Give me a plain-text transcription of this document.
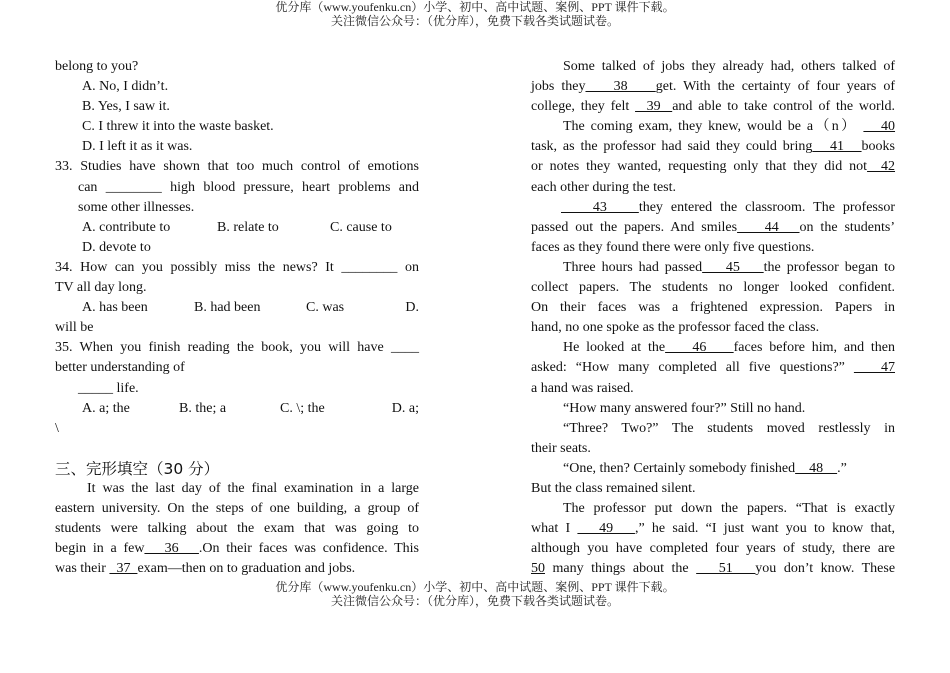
优分库（www.youfenku.cn）小学、初中、高中试题、案例、PPT 课件下载。
关注微信公众号：（优分库），免费下载各类试题试卷。
belong to you?
A. No, I didn’t.
B. Yes, I saw it.
C. I threw it into the waste basket.
D. I left it as it was.
33. Studies have shown that too much control of emotions
can ________ high blood pressure, heart problems and
some other illnesses.
A. contribute to	B. relate to	C. cause to
D. devote to
34. How can you possibly miss the news? It ________ on
TV all day long.
A. has been	B. had been	C. was	D.
will be
35. When you finish reading the book, you will have ____
better understanding of
_____ life.
A. a; the	B. the; a	C. \; the	D. a;
\
三、完形填空（30 分）
It was the last day of the final examination in a large
eastern university. On the steps of one building, a group of
students were talking about the exam that was going to
begin in a few   36   .On their faces was confidence. This
was their   37  exam—then on to graduation and jobs.
Some talked of jobs they already had, others talked of
jobs they    38    get. With the certainty of four years of
college, they felt   39  and able to take control of the world.
The coming exam, they knew, would be a（n）    40
task, as the professor had said they could bring   41   books
or notes they wanted, requesting only that they did not  42
each other during the test.
43    they entered the classroom. The professor
passed out the papers. And smiles    44   on the students’
faces as they found there were only five questions.
Three hours had passed    45    the professor began to
collect papers. The students no longer looked confident.
On their faces was a frightened expression. Papers in
hand, no one spoke as the professor faced the class.
He looked at the    46    faces before him, and then
asked: “How many completed all five questions?”    47
a hand was raised.
“How many answered four?” Still no hand.
“Three? Two?” The students moved restlessly in
their seats.
“One, then? Certainly somebody finished    48    .”
But the class remained silent.
The professor put down the papers. “That is exactly
what I    49   ,” he said. “I just want you to know that,
although you have completed four years of study, there are
50 many things about the    51   you don’t know. These
优分库（www.youfenku.cn）小学、初中、高中试题、案例、PPT 课件下载。
关注微信公众号：（优分库），免费下载各类试题试卷。
